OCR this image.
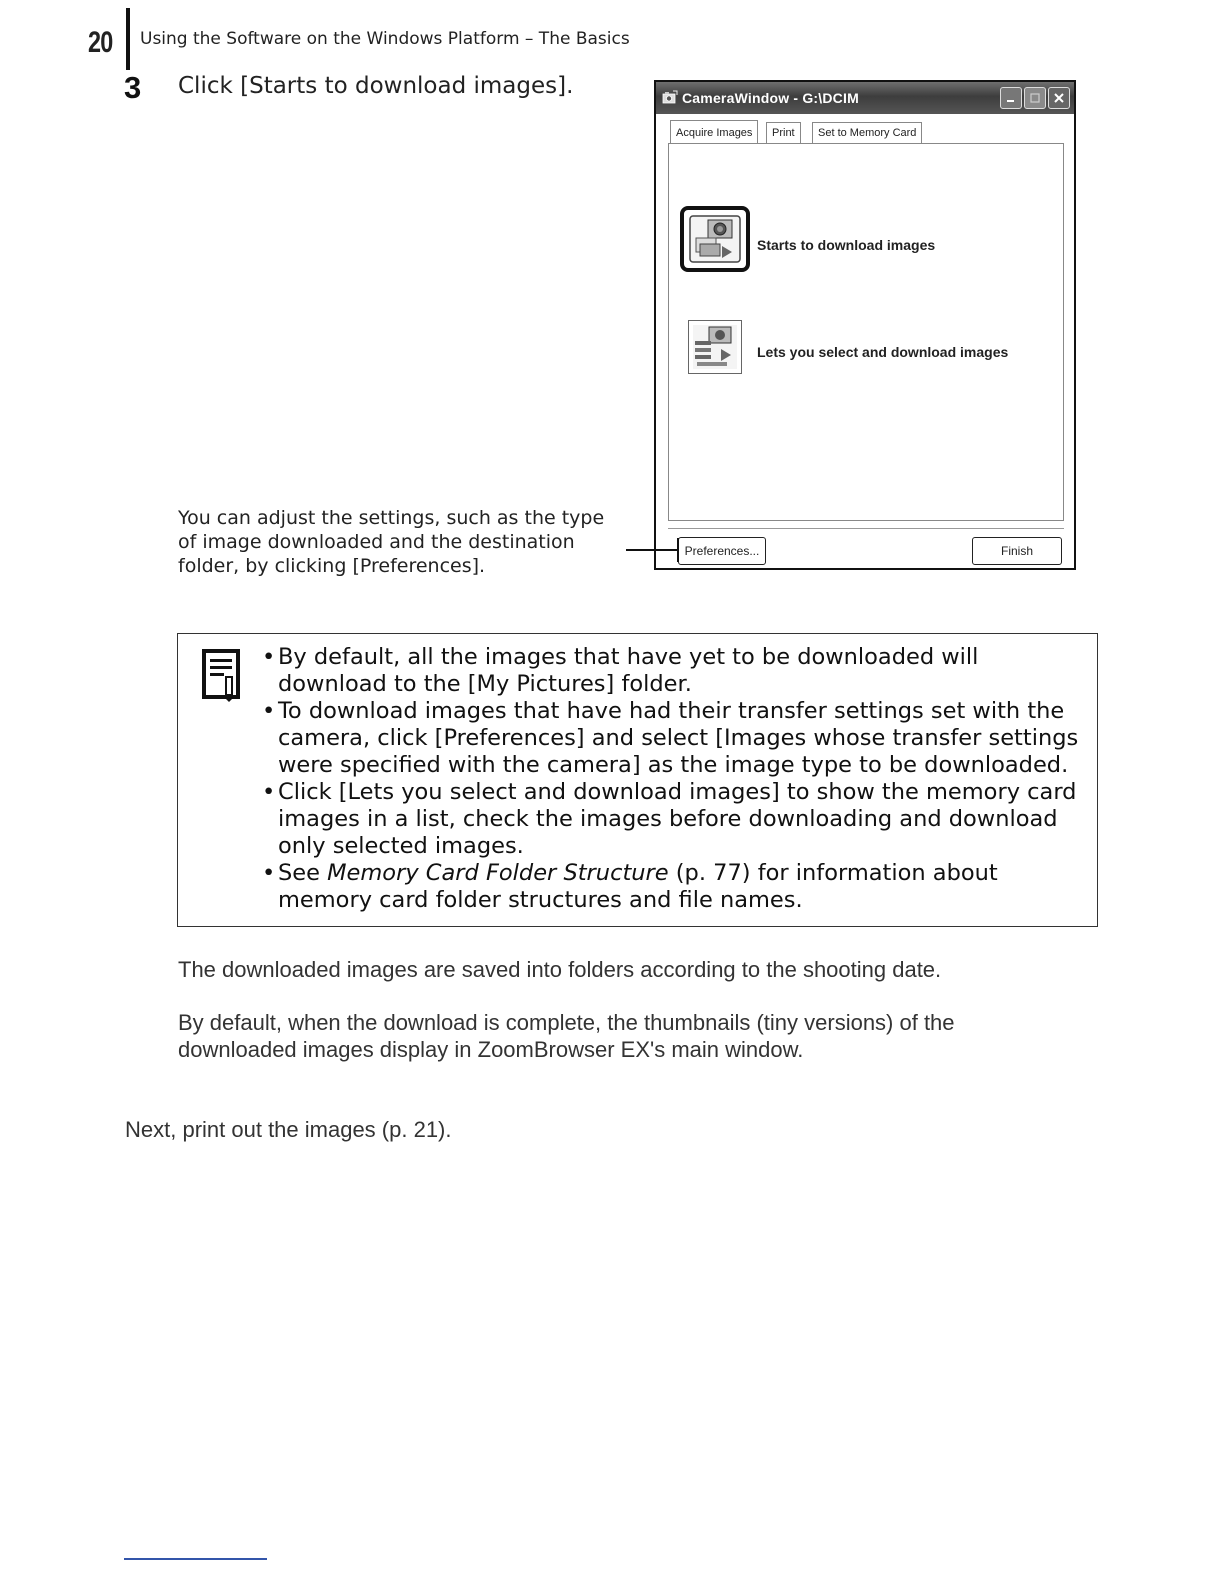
20 Using the Software on the Windows Platform – The Basics
3 Click [Starts to download images].	CameraWindow - G:\DCIM
Acquire Images	Print	Set to Memory Card
Starts to download images
Lets you select and download images
Preferences...	Finish
You can adjust the settings, such as the type of image downloaded and the destination folder, by clicking [Preferences].
• By default, all the images that have yet to be downloaded will download to the [My Pictures] folder.
• To download images that have had their transfer settings set with the camera, click [Preferences] and select [Images whose transfer settings were specified with the camera] as the image type to be downloaded.
• Click [Lets you select and download images] to show the memory card images in a list, check the images before downloading and download only selected images.
• See Memory Card Folder Structure (p. 77) for information about memory card folder structures and file names.
The downloaded images are saved into folders according to the shooting date.
By default, when the download is complete, the thumbnails (tiny versions) of the downloaded images display in ZoomBrowser EX's main window.
Next, print out the images (p. 21).
